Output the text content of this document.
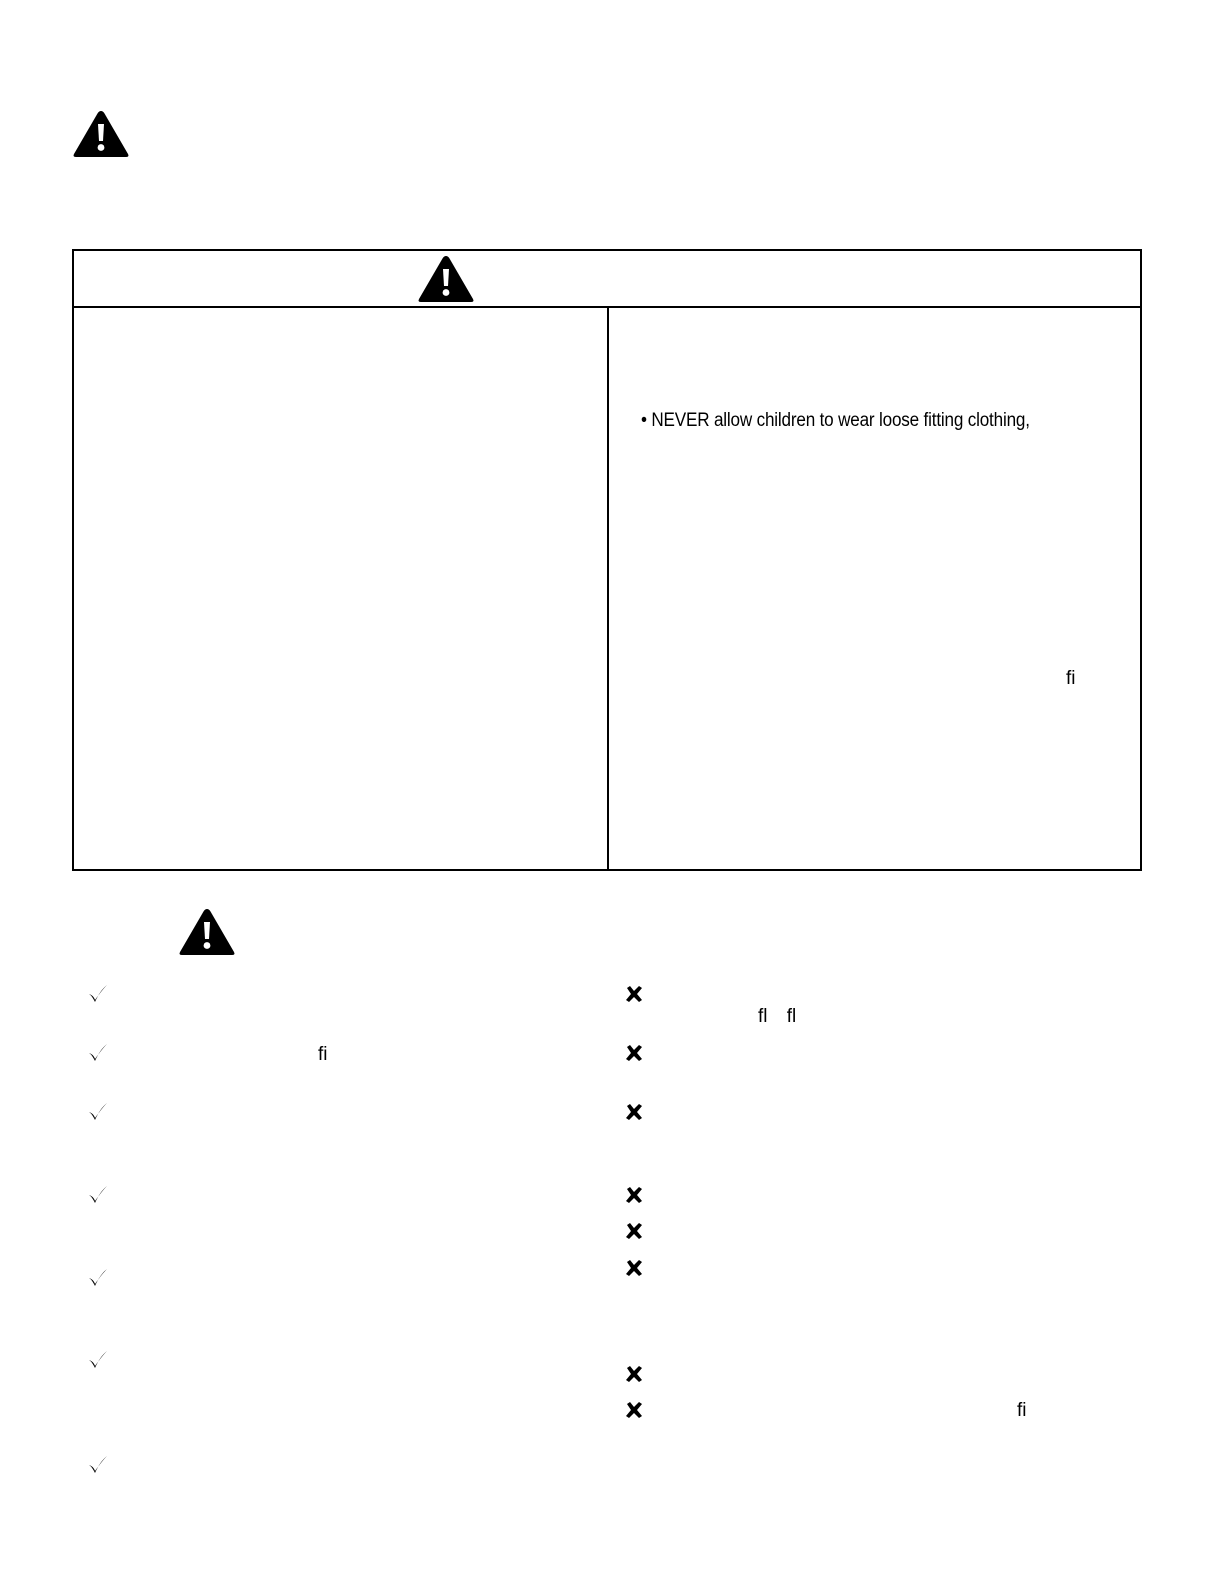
• NEVER allow children to wear loose fitting clothing,
fi
fi
fl fl
fi
